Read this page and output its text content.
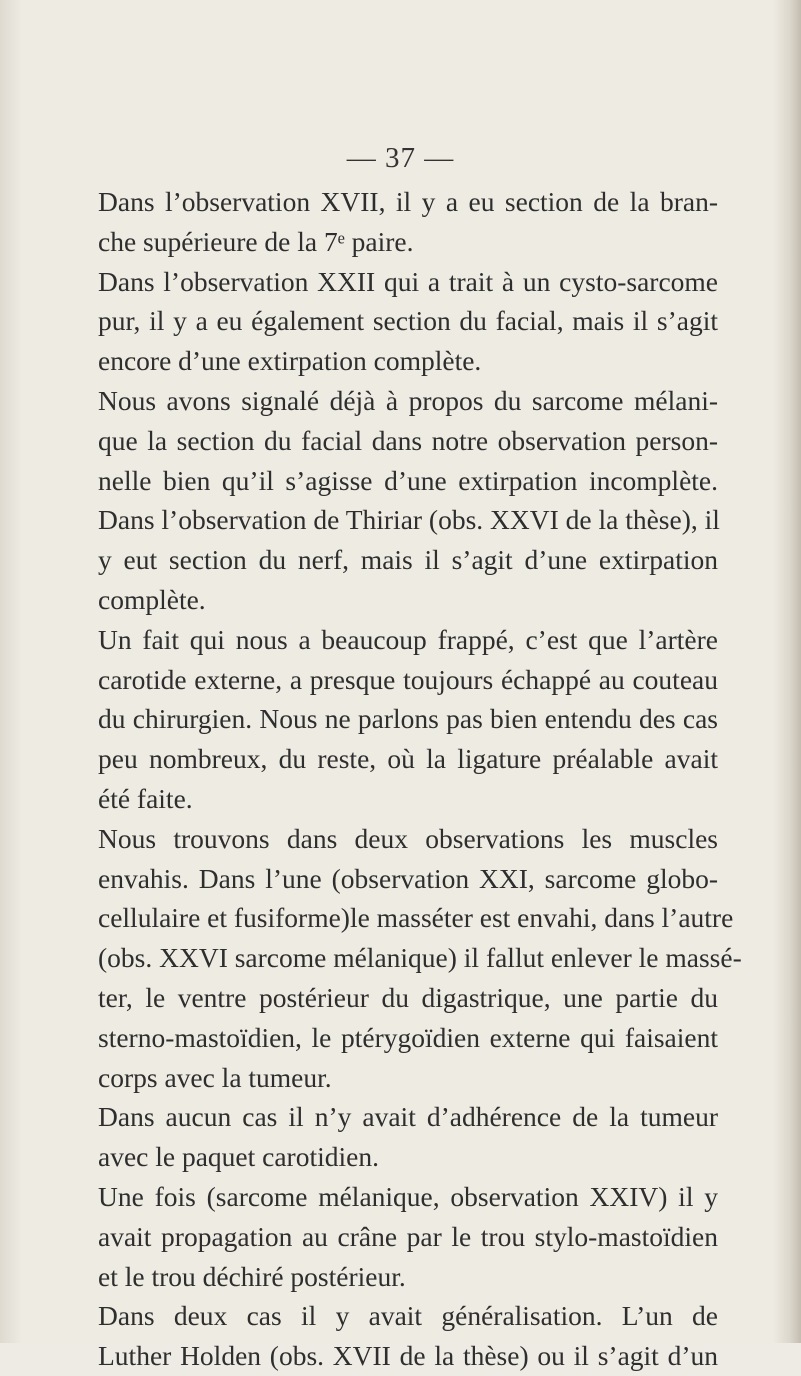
— 37 —
Dans l’observation XVII, il y a eu section de la bran-
che supérieure de la 7ᵉ paire.
Dans l’observation XXII qui a trait à un cysto-sarcome
pur, il y a eu également section du facial, mais il s’agit
encore d’une extirpation complète.
Nous avons signalé déjà à propos du sarcome mélani-
que la section du facial dans notre observation person-
nelle bien qu’il s’agisse d’une extirpation incomplète.
Dans l’observation de Thiriar (obs. XXVI de la thèse), il
y eut section du nerf, mais il s’agit d’une extirpation
complète.
Un fait qui nous a beaucoup frappé, c’est que l’artère
carotide externe, a presque toujours échappé au couteau
du chirurgien. Nous ne parlons pas bien entendu des cas
peu nombreux, du reste, où la ligature préalable avait
été faite.
Nous trouvons dans deux observations les muscles
envahis. Dans l’une (observation XXI, sarcome globo-
cellulaire et fusiforme)le masséter est envahi, dans l’autre
(obs. XXVI sarcome mélanique) il fallut enlever le massé-
ter, le ventre postérieur du digastrique, une partie du
sterno-mastoïdien, le ptérygoïdien externe qui faisaient
corps avec la tumeur.
Dans aucun cas il n’y avait d’adhérence de la tumeur
avec le paquet carotidien.
Une fois (sarcome mélanique, observation XXIV) il y
avait propagation au crâne par le trou stylo-mastoïdien
et le trou déchiré postérieur.
Dans deux cas il y avait généralisation. L’un de
Luther Holden (obs. XVII de la thèse) ou il s’agit d’un
